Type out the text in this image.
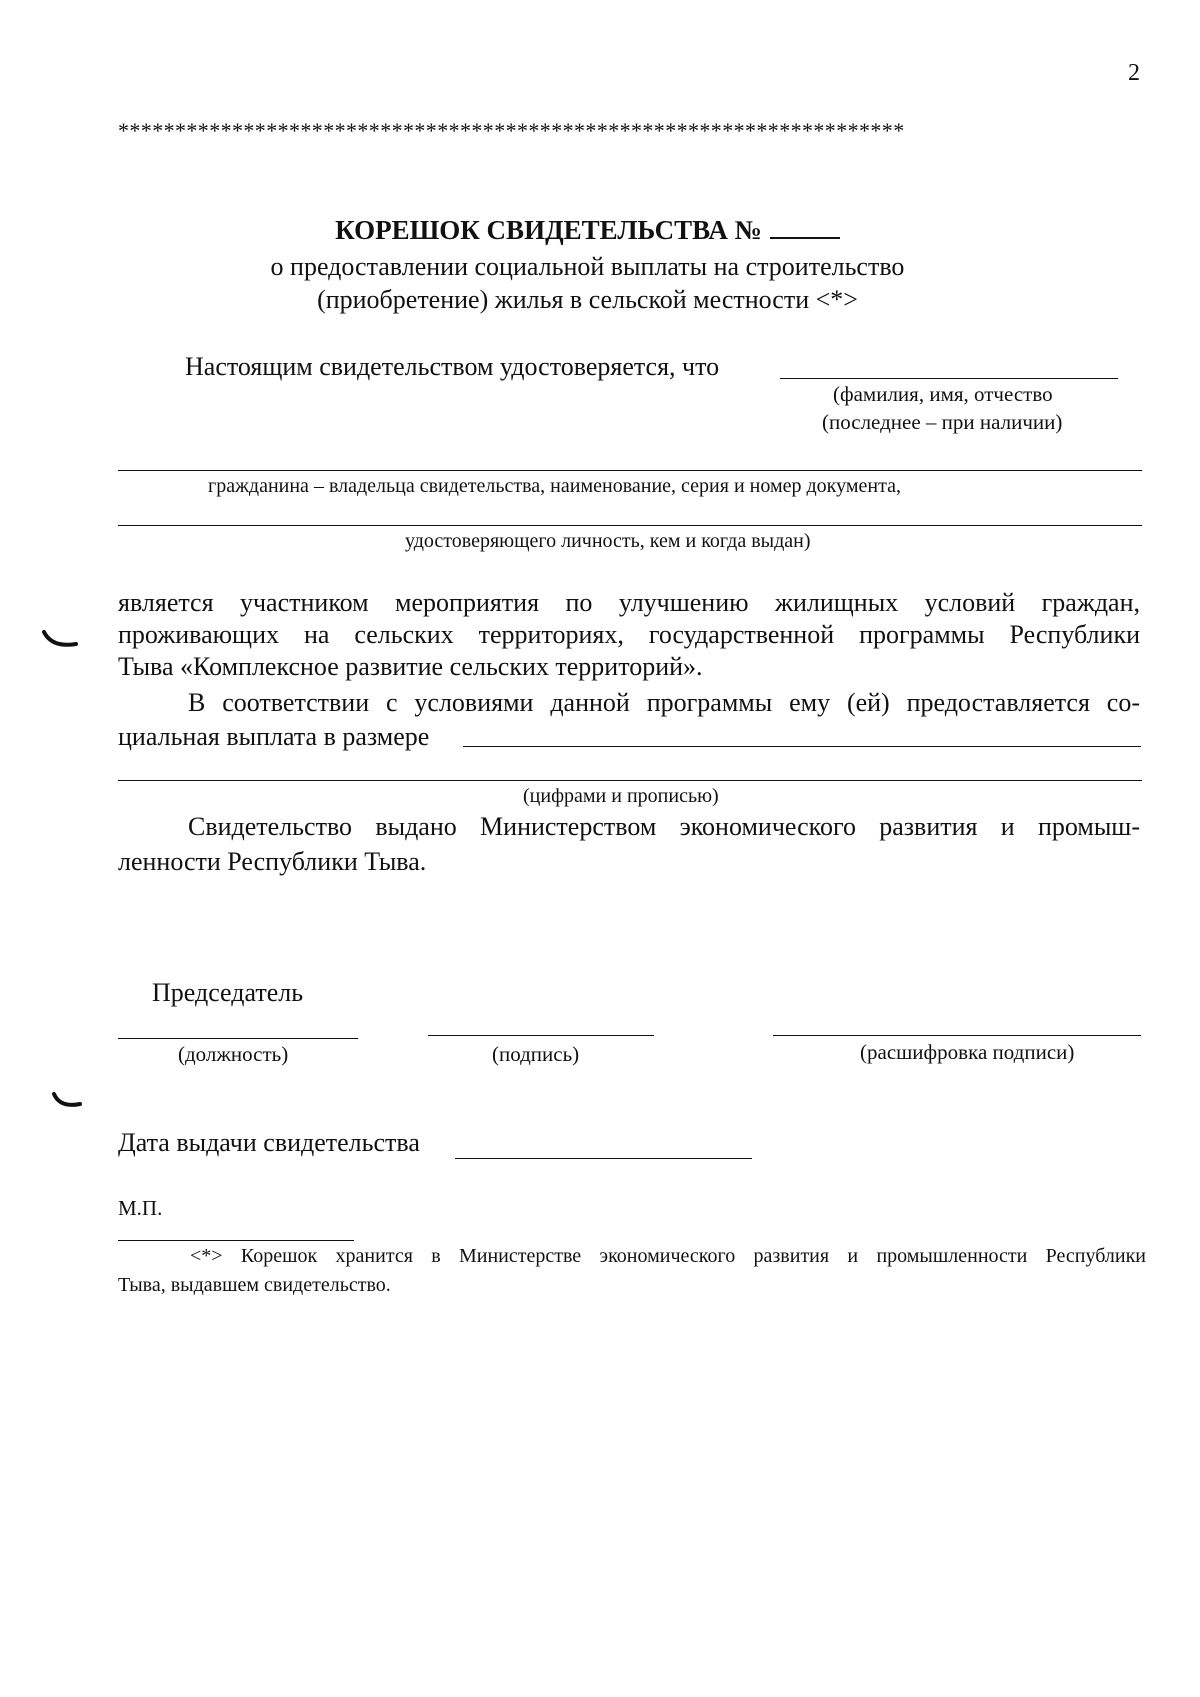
2
*********************************************************************
КОРЕШОК СВИДЕТЕЛЬСТВА №
о предоставлении социальной выплаты на строительство
(приобретение) жилья в сельской местности <*>
Настоящим свидетельством удостоверяется, что
(фамилия, имя, отчество
(последнее – при наличии)
гражданина – владельца свидетельства, наименование, серия и номер документа,
удостоверяющего личность, кем и когда выдан)
является участником мероприятия по улучшению жилищных условий граждан,
проживающих на сельских территориях, государственной программы Республики
Тыва «Комплексное развитие сельских территорий».
В соответствии с условиями данной программы ему (ей) предоставляется со-
циальная выплата в размере
(цифрами и прописью)
Свидетельство выдано Министерством экономического развития и промыш-
ленности Республики Тыва.
Председатель
(должность)	(подпись)	(расшифровка подписи)
Дата выдачи свидетельства
М.П.
<*> Корешок хранится в Министерстве экономического развития и промышленности Республики
Тыва, выдавшем свидетельство.
